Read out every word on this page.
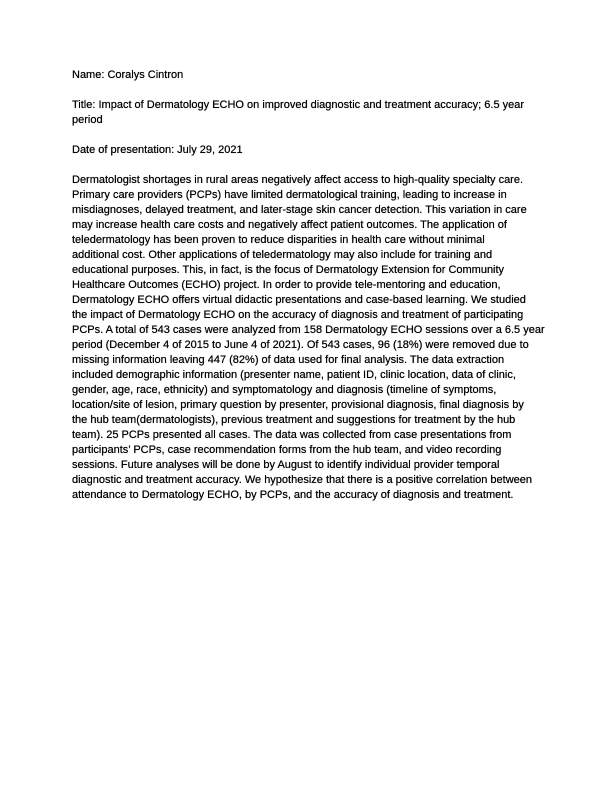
Name: Coralys Cintron
Title: Impact of Dermatology ECHO on improved diagnostic and treatment accuracy; 6.5 year
period
Date of presentation: July 29, 2021
Dermatologist shortages in rural areas negatively affect access to high-quality specialty care.
Primary care providers (PCPs) have limited dermatological training, leading to increase in
misdiagnoses, delayed treatment, and later-stage skin cancer detection. This variation in care
may increase health care costs and negatively affect patient outcomes. The application of
teledermatology has been proven to reduce disparities in health care without minimal
additional cost. Other applications of teledermatology may also include for training and
educational purposes. This, in fact, is the focus of Dermatology Extension for Community
Healthcare Outcomes (ECHO) project. In order to provide tele-mentoring and education,
Dermatology ECHO offers virtual didactic presentations and case-based learning. We studied
the impact of Dermatology ECHO on the accuracy of diagnosis and treatment of participating
PCPs. A total of 543 cases were analyzed from 158 Dermatology ECHO sessions over a 6.5 year
period (December 4 of 2015 to June 4 of 2021). Of 543 cases, 96 (18%) were removed due to
missing information leaving 447 (82%) of data used for final analysis. The data extraction
included demographic information (presenter name, patient ID, clinic location, data of clinic,
gender, age, race, ethnicity) and symptomatology and diagnosis (timeline of symptoms,
location/site of lesion, primary question by presenter, provisional diagnosis, final diagnosis by
the hub team(dermatologists), previous treatment and suggestions for treatment by the hub
team). 25 PCPs presented all cases. The data was collected from case presentations from
participants’ PCPs, case recommendation forms from the hub team, and video recording
sessions. Future analyses will be done by August to identify individual provider temporal
diagnostic and treatment accuracy. We hypothesize that there is a positive correlation between
attendance to Dermatology ECHO, by PCPs, and the accuracy of diagnosis and treatment.
